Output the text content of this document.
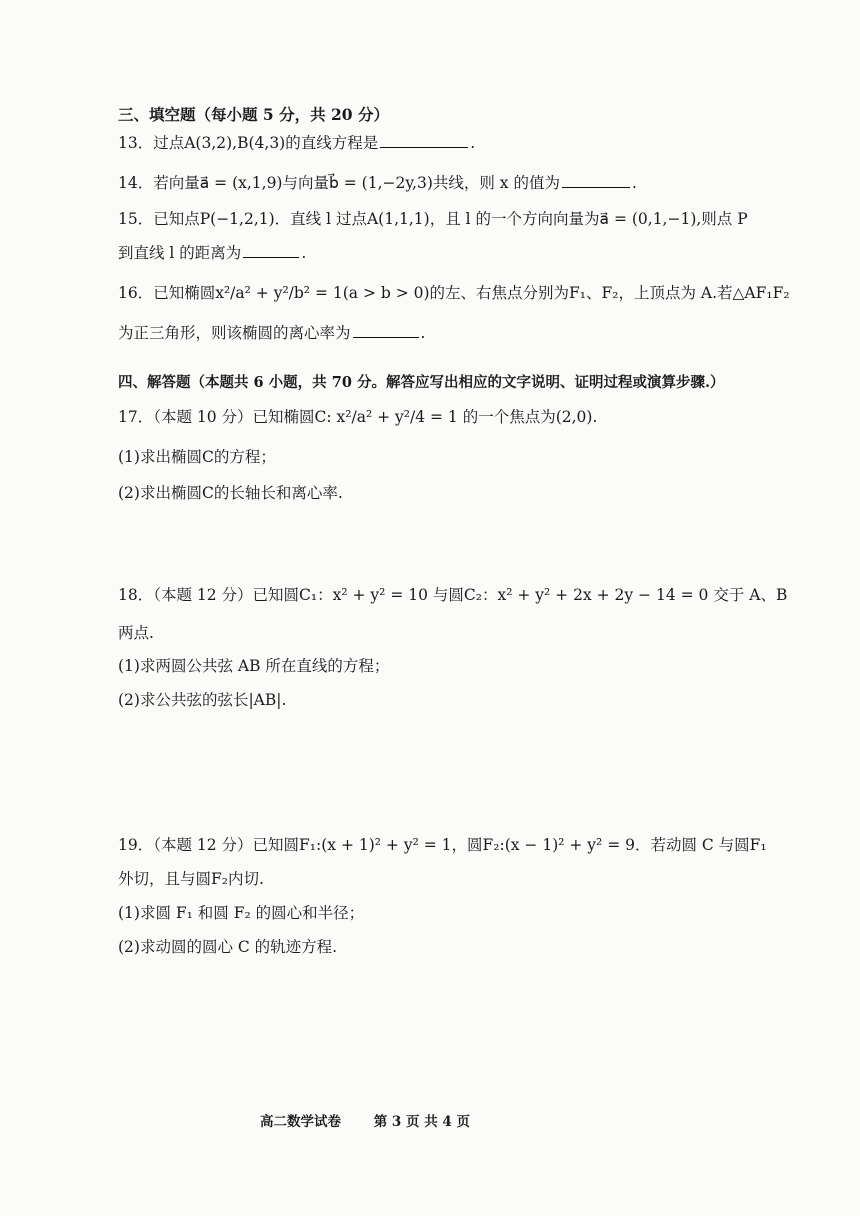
三、填空题（每小题 5 分，共 20 分）
13．过点A(3,2),B(4,3)的直线方程是	.
14．若向量a⃗ = (x,1,9)与向量b⃗ = (1,−2y,3)共线，则 x 的值为	.
15．已知点P(−1,2,1)．直线 l 过点A(1,1,1)，且 l 的一个方向向量为a⃗ = (0,1,−1),则点 P
到直线 l 的距离为	.
16．已知椭圆x²/a² + y²/b² = 1(a > b > 0)的左、右焦点分别为F₁、F₂，上顶点为 A.若△AF₁F₂
为正三角形，则该椭圆的离心率为	.
四、解答题（本题共 6 小题，共 70 分。解答应写出相应的文字说明、证明过程或演算步骤.）
17．（本题 10 分）已知椭圆C: x²/a² + y²/4 = 1 的一个焦点为(2,0).
(1)求出椭圆C的方程；
(2)求出椭圆C的长轴长和离心率.
18．（本题 12 分）已知圆C₁：x² + y² = 10 与圆C₂：x² + y² + 2x + 2y − 14 = 0 交于 A、B
两点.
(1)求两圆公共弦 AB 所在直线的方程；
(2)求公共弦的弦长|AB|.
19．（本题 12 分）已知圆F₁:(x + 1)² + y² = 1，圆F₂:(x − 1)² + y² = 9．若动圆 C 与圆F₁
外切，且与圆F₂内切.
(1)求圆 F₁ 和圆 F₂ 的圆心和半径；
(2)求动圆的圆心 C 的轨迹方程.
高二数学试卷 第 3 页 共 4 页
